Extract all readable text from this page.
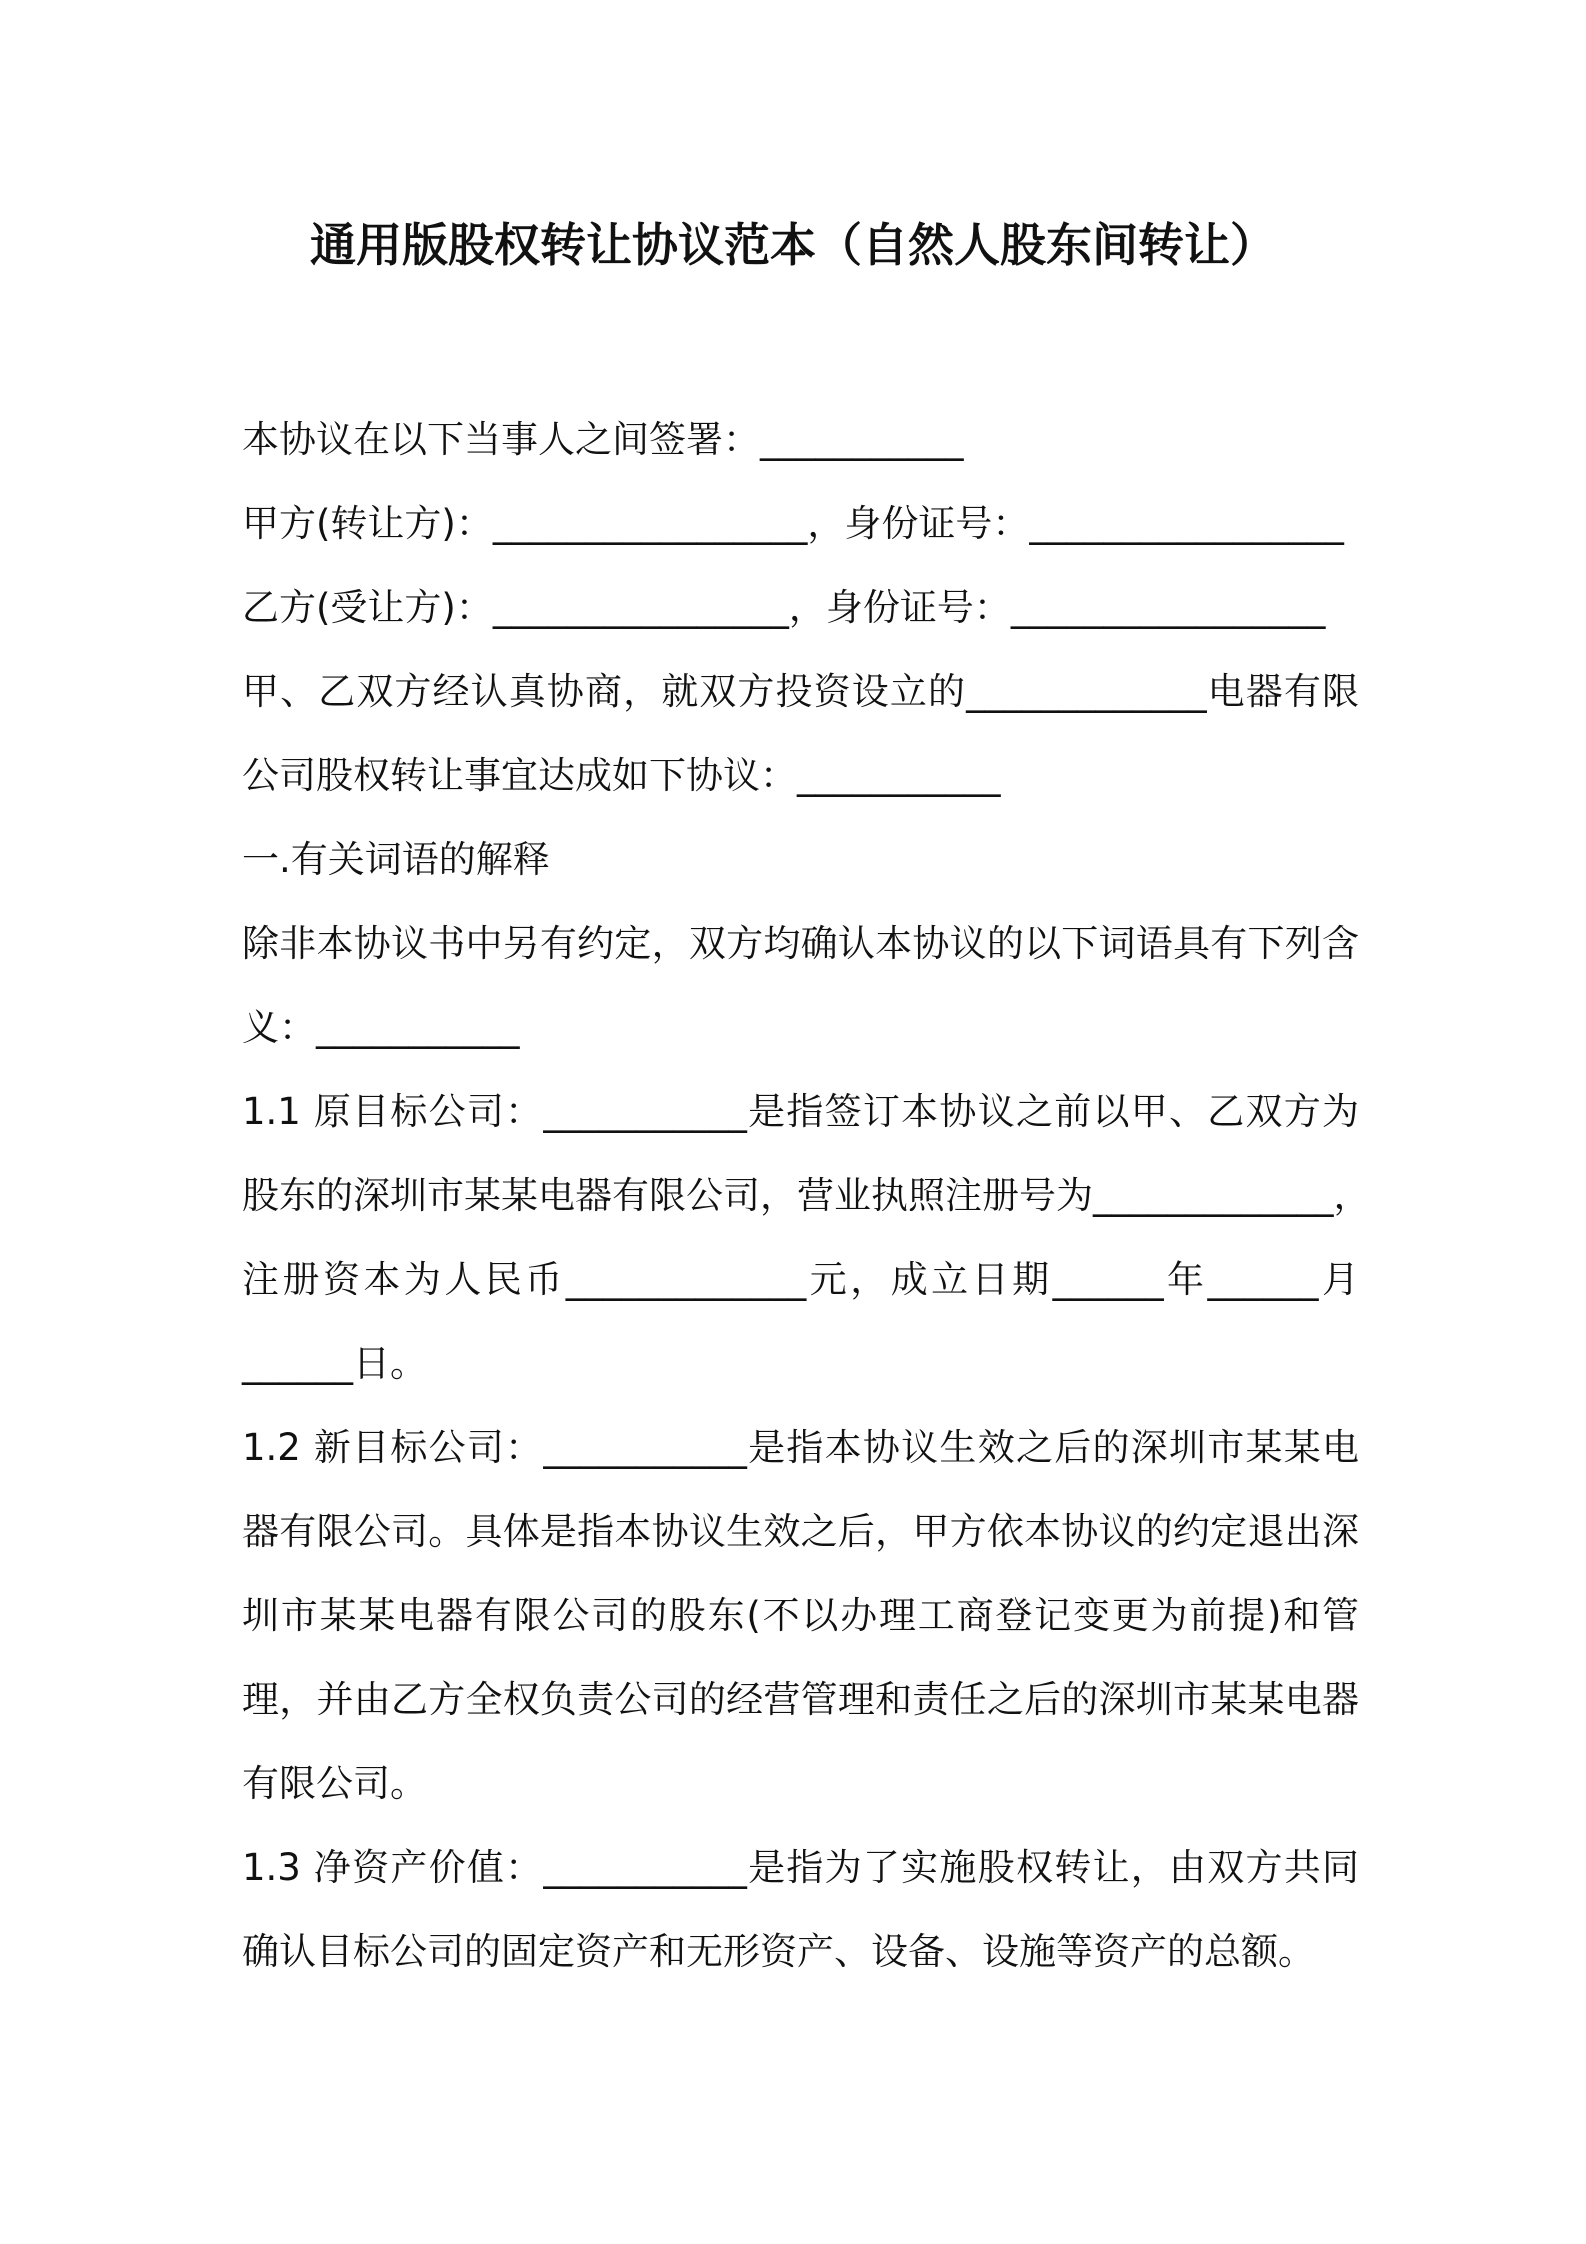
通用版股权转让协议范本（自然人股东间转让）
本协议在以下当事人之间签署：___________
甲方(转让方)：_________________，身份证号：_________________
乙方(受让方)：________________，身份证号：_________________
甲、乙双方经认真协商，就双方投资设立的_____________电器有限
公司股权转让事宜达成如下协议：___________
一.有关词语的解释
除非本协议书中另有约定，双方均确认本协议的以下词语具有下列含
义：___________
1.1 原目标公司：___________是指签订本协议之前以甲、乙双方为
股东的深圳市某某电器有限公司，营业执照注册号为_____________，
注册资本为人民币_____________元，成立日期______年______月
______日。
1.2 新目标公司：___________是指本协议生效之后的深圳市某某电
器有限公司。具体是指本协议生效之后，甲方依本协议的约定退出深
圳市某某电器有限公司的股东(不以办理工商登记变更为前提)和管
理，并由乙方全权负责公司的经营管理和责任之后的深圳市某某电器
有限公司。
1.3 净资产价值：___________是指为了实施股权转让，由双方共同
确认目标公司的固定资产和无形资产、设备、设施等资产的总额。
